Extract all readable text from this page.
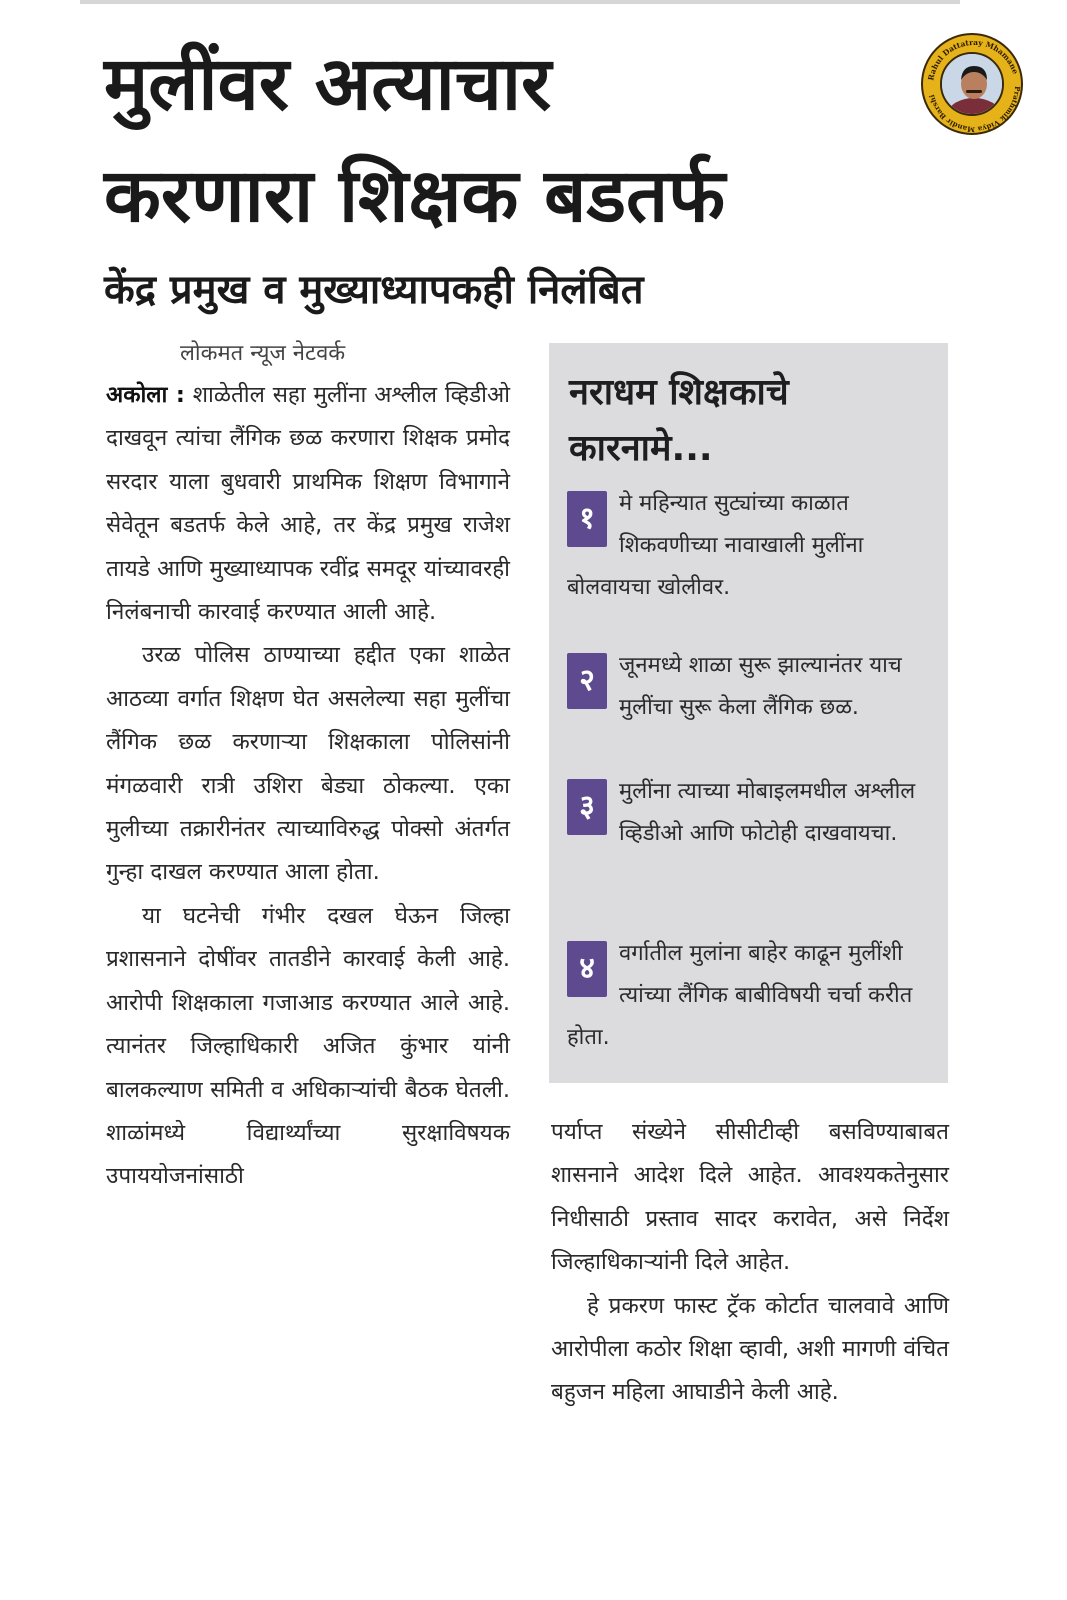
मुलींवर अत्याचार
करणारा शिक्षक बडतर्फ
केंद्र प्रमुख व मुख्याध्यापकही निलंबित
लोकमत न्यूज नेटवर्क

अकोला : शाळेतील सहा मुलींना अश्लील व्हिडीओ दाखवून त्यांचा लैंगिक छळ करणारा शिक्षक प्रमोद सरदार याला बुधवारी प्राथमिक शिक्षण विभागाने सेवेतून बडतर्फ केले आहे, तर केंद्र प्रमुख राजेश तायडे आणि मुख्याध्यापक रवींद्र समदूर यांच्यावरही निलंबनाची कारवाई करण्यात आली आहे.

उरळ पोलिस ठाण्याच्या हद्दीत एका शाळेत आठव्या वर्गात शिक्षण घेत असलेल्या सहा मुलींचा लैंगिक छळ करणाऱ्या शिक्षकाला पोलिसांनी मंगळवारी रात्री उशिरा बेड्या ठोकल्या. एका मुलीच्या तक्रारीनंतर त्याच्याविरुद्ध पोक्सो अंतर्गत गुन्हा दाखल करण्यात आला होता.

या घटनेची गंभीर दखल घेऊन जिल्हा प्रशासनाने दोषींवर तातडीने कारवाई केली आहे. आरोपी शिक्षकाला गजाआड करण्यात आले आहे. त्यानंतर जिल्हाधिकारी अजित कुंभार यांनी बालकल्याण समिती व अधिकाऱ्यांची बैठक घेतली. शाळांमध्ये विद्यार्थ्यांच्या सुरक्षाविषयक उपाययोजनांसाठी

नराधम शिक्षकाचे कारनामे...
१	मे महिन्यात सुट्यांच्या काळात शिकवणीच्या नावाखाली मुलींना बोलवायचा खोलीवर.

२	जूनमध्ये शाळा सुरू झाल्यानंतर याच मुलींचा सुरू केला लैंगिक छळ.

३	मुलींना त्याच्या मोबाइलमधील अश्लील व्हिडीओ आणि फोटोही दाखवायचा.

४	वर्गातील मुलांना बाहेर काढून मुलींशी त्यांच्या लैंगिक बाबीविषयी चर्चा करीत होता.

पर्याप्त संख्येने सीसीटीव्ही बसविण्याबाबत शासनाने आदेश दिले आहेत. आवश्यकतेनुसार निधीसाठी प्रस्ताव सादर करावेत, असे निर्देश जिल्हाधिकाऱ्यांनी दिले आहेत.

हे प्रकरण फास्ट ट्रॅक कोर्टात चालवावे आणि आरोपीला कठोर शिक्षा व्हावी, अशी मागणी वंचित बहुजन महिला आघाडीने केली आहे.

Rahul Dattatray Mhamane
Prathmik Vidya Mandir Barshi
